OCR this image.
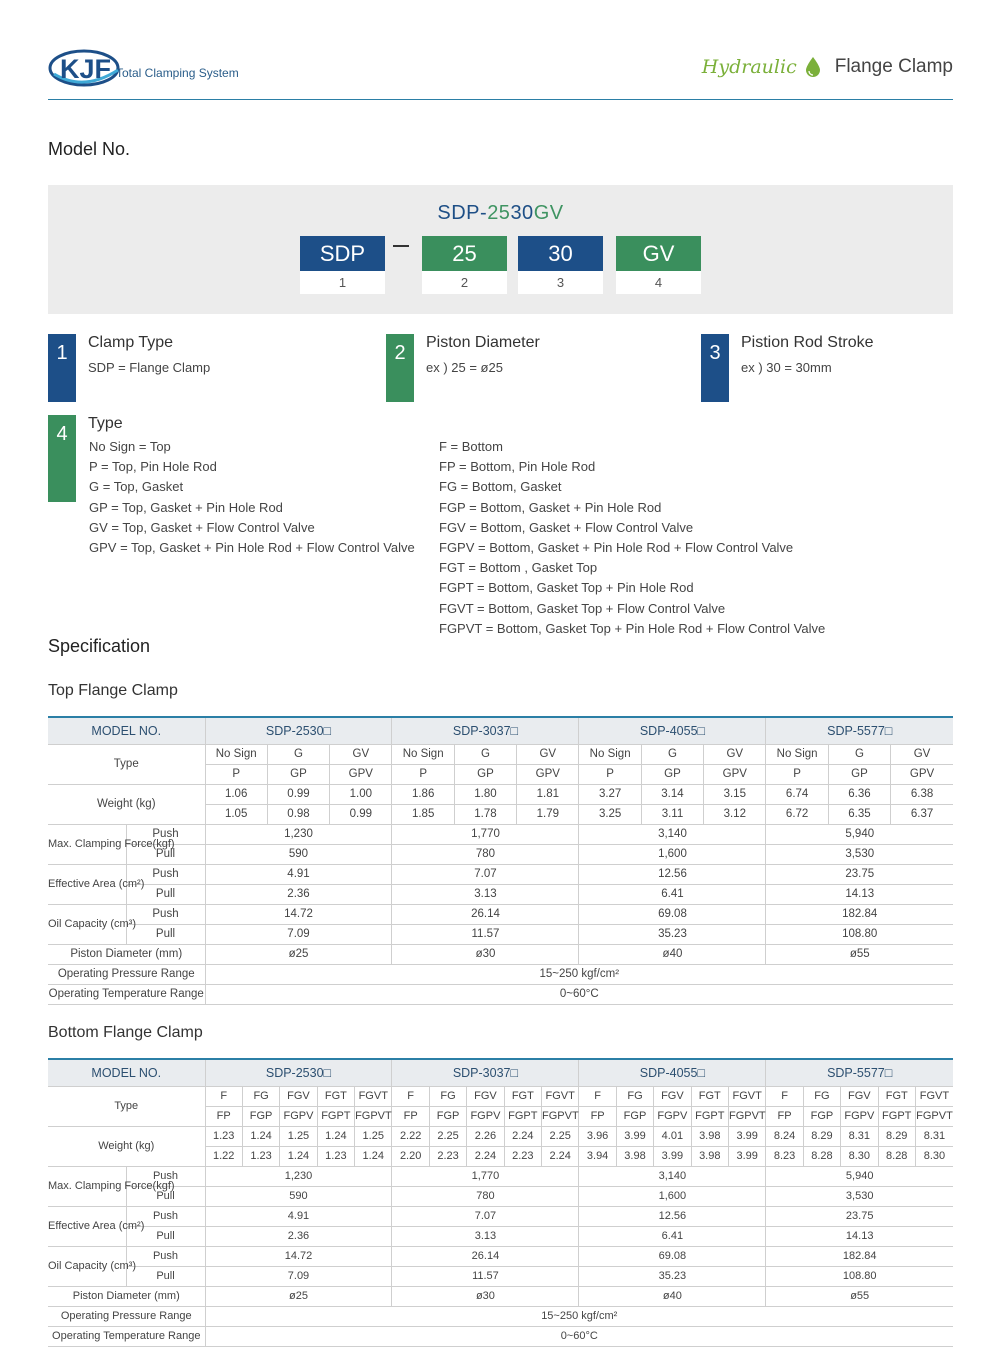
KJF Total Clamping System	Hydraulic Flange Clamp
Model No.
SDP-2530GV
SDP
1
25
2
30
3
GV
4
1	Clamp Type
SDP = Flange Clamp
2	Piston Diameter
ex ) 25 = ø25
3	Pistion Rod Stroke
ex ) 30 = 30mm
4	Type
No Sign = Top
P = Top, Pin Hole Rod
G = Top, Gasket
GP = Top, Gasket + Pin Hole Rod
GV = Top, Gasket + Flow Control Valve
GPV = Top, Gasket + Pin Hole Rod + Flow Control Valve
F = Bottom
FP = Bottom, Pin Hole Rod
FG = Bottom, Gasket
FGP = Bottom, Gasket + Pin Hole Rod
FGV = Bottom, Gasket + Flow Control Valve
FGPV = Bottom, Gasket + Pin Hole Rod + Flow Control Valve
FGT = Bottom , Gasket Top
FGPT = Bottom, Gasket Top + Pin Hole Rod
FGVT = Bottom, Gasket Top + Flow Control Valve
FGPVT = Bottom, Gasket Top + Pin Hole Rod + Flow Control Valve
Specification
Top Flange Clamp
MODEL NO.		SDP-2530□			SDP-3037□			SDP-4055□			SDP-5577□		
Type		No Sign	G	GV	No Sign	G	GV	No Sign	G	GV	No Sign	G	GV
		P	GP	GPV	P	GP	GPV	P	GP	GPV	P	GP	GPV
Weight (kg)		1.06	0.99	1.00	1.86	1.80	1.81	3.27	3.14	3.15	6.74	6.36	6.38
		1.05	0.98	0.99	1.85	1.78	1.79	3.25	3.11	3.12	6.72	6.35	6.37
Max. Clamping Force(kgf)	Push	1,230			1,770			3,140			5,940		
	Pull	590			780			1,600			3,530		
Effective Area (cm²)	Push	4.91			7.07			12.56			23.75		
	Pull	2.36			3.13			6.41			14.13		
Oil Capacity (cm³)	Push	14.72			26.14			69.08			182.84		
	Pull	7.09			11.57			35.23			108.80		
Piston Diameter (mm)		ø25			ø30			ø40			ø55		
Operating Pressure Range		15~250 kgf/cm²											
Operating Temperature Range		0~60°C											
Bottom Flange Clamp
MODEL NO.		SDP-2530□					SDP-3037□					SDP-4055□					SDP-5577□				
Type		F	FG	FGV	FGT	FGVT	F	FG	FGV	FGT	FGVT	F	FG	FGV	FGT	FGVT	F	FG	FGV	FGT	FGVT
		FP	FGP	FGPV	FGPT	FGPVT	FP	FGP	FGPV	FGPT	FGPVT	FP	FGP	FGPV	FGPT	FGPVT	FP	FGP	FGPV	FGPT	FGPVT
Weight (kg)		1.23	1.24	1.25	1.24	1.25	2.22	2.25	2.26	2.24	2.25	3.96	3.99	4.01	3.98	3.99	8.24	8.29	8.31	8.29	8.31
		1.22	1.23	1.24	1.23	1.24	2.20	2.23	2.24	2.23	2.24	3.94	3.98	3.99	3.98	3.99	8.23	8.28	8.30	8.28	8.30
Max. Clamping Force(kgf)	Push	1,230					1,770					3,140					5,940				
	Pull	590					780					1,600					3,530				
Effective Area (cm²)	Push	4.91					7.07					12.56					23.75				
	Pull	2.36					3.13					6.41					14.13				
Oil Capacity (cm³)	Push	14.72					26.14					69.08					182.84				
	Pull	7.09					11.57					35.23					108.80				
Piston Diameter (mm)		ø25					ø30					ø40					ø55				
Operating Pressure Range		15~250 kgf/cm²																			
Operating Temperature Range		0~60°C																			
